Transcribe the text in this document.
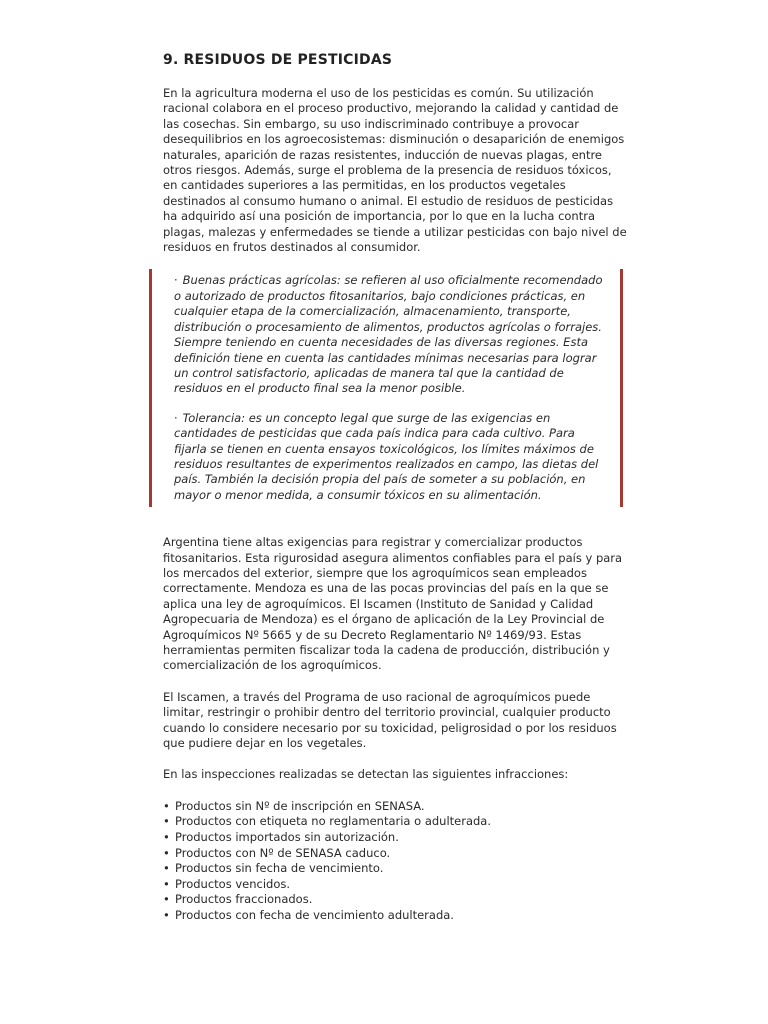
9. RESIDUOS DE PESTICIDAS

En la agricultura moderna el uso de los pesticidas es común. Su utilización racional colabora en el proceso productivo, mejorando la calidad y cantidad de las cosechas. Sin embargo, su uso indiscriminado contribuye a provocar desequilibrios en los agroecosistemas: disminución o desaparición de enemigos naturales, aparición de razas resistentes, inducción de nuevas plagas, entre otros riesgos. Además, surge el problema de la presencia de residuos tóxicos, en cantidades superiores a las permitidas, en los productos vegetales destinados al consumo humano o animal. El estudio de residuos de pesticidas ha adquirido así una posición de importancia, por lo que en la lucha contra plagas, malezas y enfermedades se tiende a utilizar pesticidas con bajo nivel de residuos en frutos destinados al consumidor.

· Buenas prácticas agrícolas: se refieren al uso oficialmente recomendado o autorizado de productos fitosanitarios, bajo condiciones prácticas, en cualquier etapa de la comercialización, almacenamiento, transporte, distribución o procesamiento de alimentos, productos agrícolas o forrajes. Siempre teniendo en cuenta necesidades de las diversas regiones. Esta definición tiene en cuenta las cantidades mínimas necesarias para lograr un control satisfactorio, aplicadas de manera tal que la cantidad de residuos en el producto final sea la menor posible.

· Tolerancia: es un concepto legal que surge de las exigencias en cantidades de pesticidas que cada país indica para cada cultivo. Para fijarla se tienen en cuenta ensayos toxicológicos, los límites máximos de residuos resultantes de experimentos realizados en campo, las dietas del país. También la decisión propia del país de someter a su población, en mayor o menor medida, a consumir tóxicos en su alimentación.

Argentina tiene altas exigencias para registrar y comercializar productos fitosanitarios. Esta rigurosidad asegura alimentos confiables para el país y para los mercados del exterior, siempre que los agroquímicos sean empleados correctamente. Mendoza es una de las pocas provincias del país en la que se aplica una ley de agroquímicos. El Iscamen (Instituto de Sanidad y Calidad Agropecuaria de Mendoza) es el órgano de aplicación de la Ley Provincial de Agroquímicos Nº 5665 y de su Decreto Reglamentario Nº 1469/93. Estas herramientas permiten fiscalizar toda la cadena de producción, distribución y comercialización de los agroquímicos.

El Iscamen, a través del Programa de uso racional de agroquímicos puede limitar, restringir o prohibir dentro del territorio provincial, cualquier producto cuando lo considere necesario por su toxicidad, peligrosidad o por los residuos que pudiere dejar en los vegetales.

En las inspecciones realizadas se detectan las siguientes infracciones:

• Productos sin Nº de inscripción en SENASA.
• Productos con etiqueta no reglamentaria o adulterada.
• Productos importados sin autorización.
• Productos con Nº de SENASA caduco.
• Productos sin fecha de vencimiento.
• Productos vencidos.
• Productos fraccionados.
• Productos con fecha de vencimiento adulterada.
